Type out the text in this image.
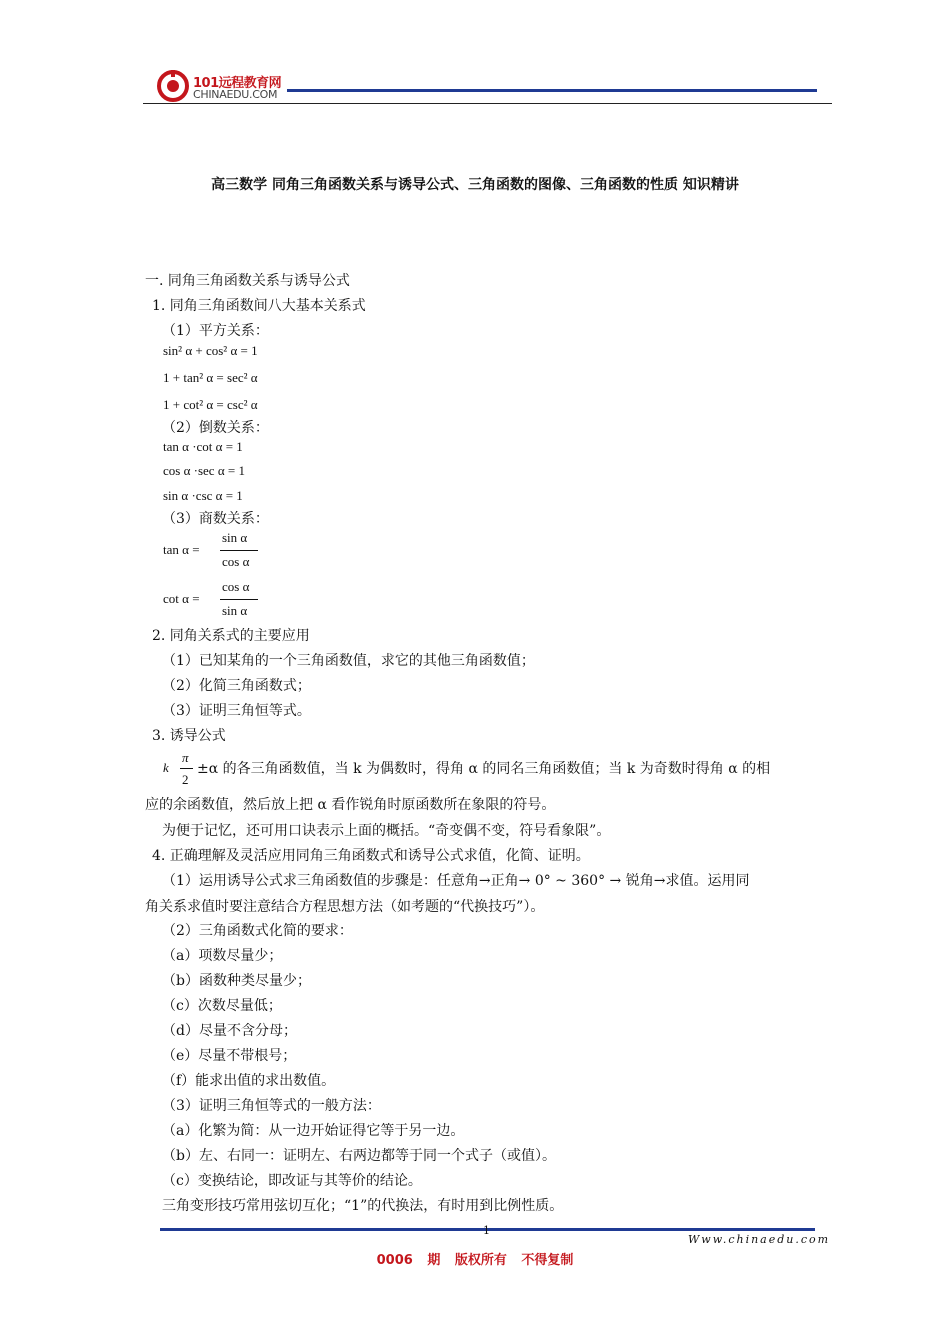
101远程教育网
CHINAEDU.COM
高三数学 同角三角函数关系与诱导公式、三角函数的图像、三角函数的性质 知识精讲
一. 同角三角函数关系与诱导公式
1. 同角三角函数间八大基本关系式
（1）平方关系：
sin² α + cos² α = 1
1 + tan² α = sec² α
1 + cot² α = csc² α
（2）倒数关系：
tan α ·cot α = 1
cos α ·sec α = 1
sin α ·csc α = 1
（3）商数关系：
tan α =
sin α
cos α
cot α =
cos α
sin α
2. 同角关系式的主要应用
（1）已知某角的一个三角函数值，求它的其他三角函数值；
（2）化简三角函数式；
（3）证明三角恒等式。
3. 诱导公式
k
π
2
±α 的各三角函数值，当 k 为偶数时，得角 α 的同名三角函数值；当 k 为奇数时得角 α 的相
应的余函数值，然后放上把 α 看作锐角时原函数所在象限的符号。
为便于记忆，还可用口诀表示上面的概括。“奇变偶不变，符号看象限”。
4. 正确理解及灵活应用同角三角函数式和诱导公式求值，化简、证明。
（1）运用诱导公式求三角函数值的步骤是：任意角→正角→ 0° ~ 360° → 锐角→求值。运用同
角关系求值时要注意结合方程思想方法（如考题的“代换技巧”）。
（2）三角函数式化简的要求：
（a）项数尽量少；
（b）函数种类尽量少；
（c）次数尽量低；
（d）尽量不含分母；
（e）尽量不带根号；
（f）能求出值的求出数值。
（3）证明三角恒等式的一般方法：
（a）化繁为简：从一边开始证得它等于另一边。
（b）左、右同一：证明左、右两边都等于同一个式子（或值）。
（c）变换结论，即改证与其等价的结论。
三角变形技巧常用弦切互化；“1”的代换法，有时用到比例性质。
1
Www.chinaedu.com
0006 期 版权所有 不得复制
